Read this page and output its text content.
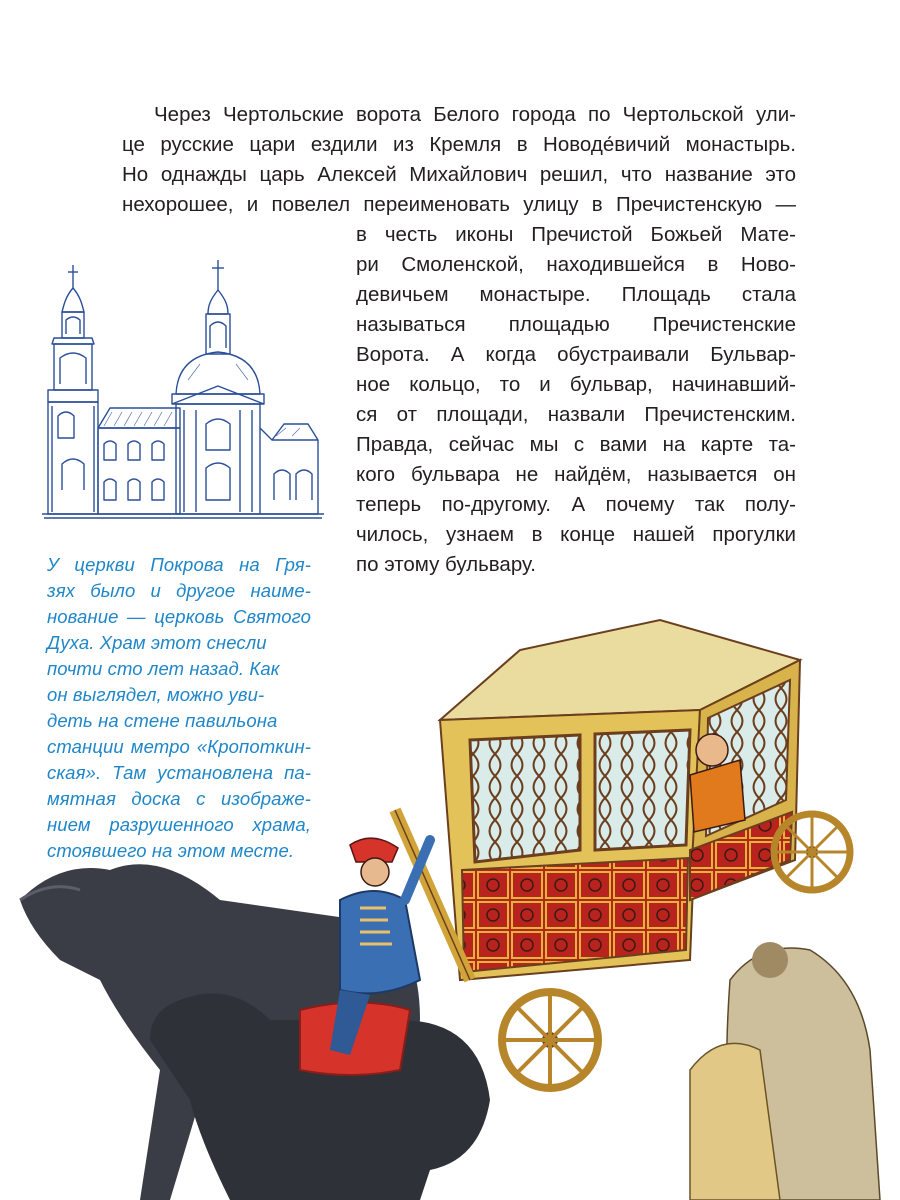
Через Чертольские ворота Белого города по Чертольской ули-
це русские цари ездили из Кремля в Новоде́вичий монастырь.
Но однажды царь Алексей Михайлович решил, что название это
нехорошее, и повелел переименовать улицу в Пречистенскую —
в честь иконы Пречистой Божьей Мате-
ри Смоленской, находившейся в Ново-
девичьем монастыре. Площадь стала
называться площадью Пречистенские
Ворота. А когда обустраивали Бульвар-
ное кольцо, то и бульвар, начинавший-
ся от площади, назвали Пречистенским.
Правда, сейчас мы с вами на карте та-
кого бульвара не найдём, называется он
теперь по-другому. А почему так полу-
чилось, узнаем в конце нашей прогулки
по этому бульвару.
У церкви Покрова на Гря-
зях было и другое наиме-
нование — церковь Святого
Духа. Храм этот снесли
почти сто лет назад. Как
он выглядел, можно уви-
деть на стене павильона
станции метро «Кропоткин-
ская». Там установлена па-
мятная доска с изображе-
нием разрушенного храма,
стоявшего на этом месте.
